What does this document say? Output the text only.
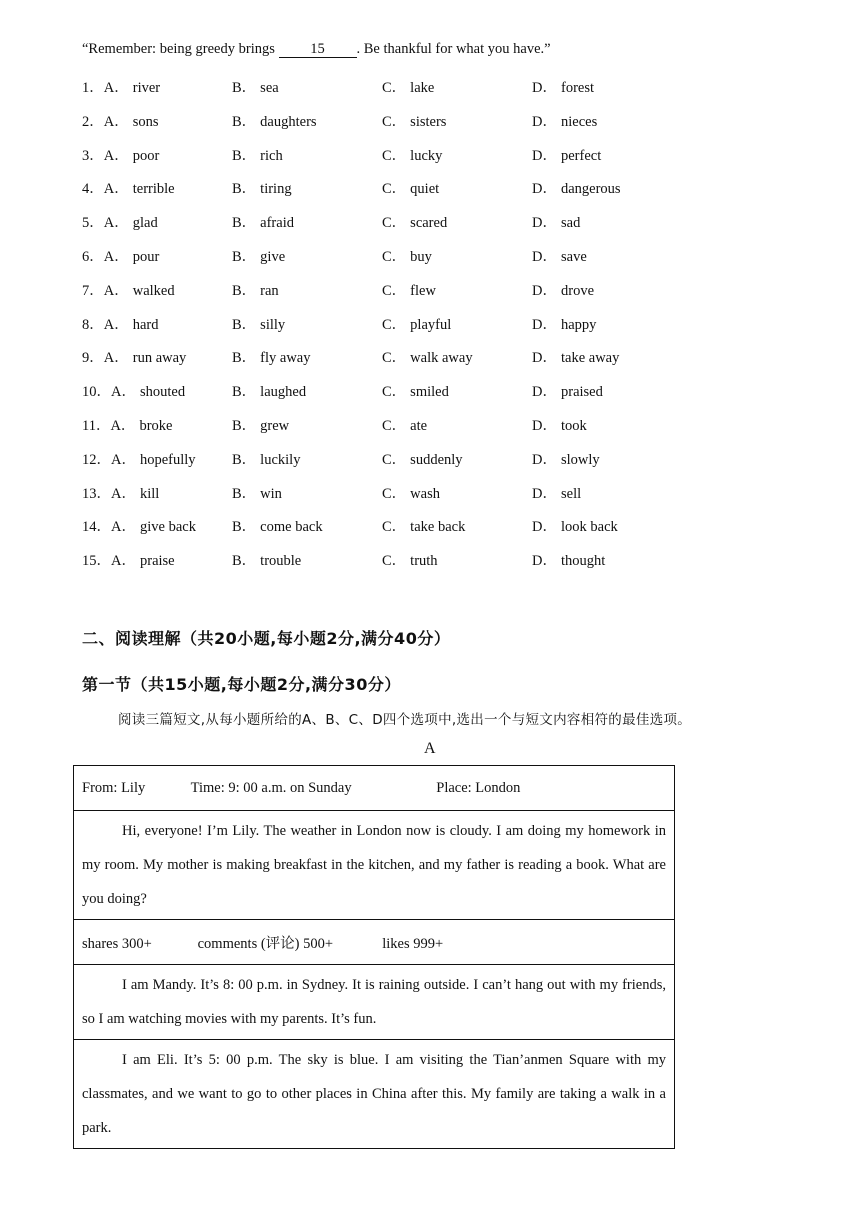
“Remember: being greedy brings 15 . Be thankful for what you have.”
1．A． river	B． sea	C． lake	D． forest
2．A． sons	B． daughters	C． sisters	D． nieces
3．A． poor	B． rich	C． lucky	D． perfect
4．A． terrible	B． tiring	C． quiet	D． dangerous
5．A． glad	B． afraid	C． scared	D． sad
6．A． pour	B． give	C． buy	D． save
7．A． walked	B． ran	C． flew	D． drove
8．A． hard	B． silly	C． playful	D． happy
9．A． run away	B． fly away	C． walk away	D． take away
10．A． shouted	B． laughed	C． smiled	D． praised
11．A． broke	B． grew	C． ate	D． took
12．A． hopefully	B． luckily	C． suddenly	D． slowly
13．A． kill	B． win	C． wash	D． sell
14．A． give back B． come back	C． take back	D． look back
15．A． praise	B． trouble	C． truth	D． thought
二、阅读理解（共20小题,每小题2分,满分40分）
第一节（共15小题,每小题2分,满分30分）
阅读三篇短文,从每小题所给的A、B、C、D四个选项中,选出一个与短文内容相符的最佳选项。
A
From: Lily	Time: 9: 00 a.m. on Sunday	Place: London
Hi, everyone! I’m Lily. The weather in London now is cloudy. I am doing my homework in my room. My mother is making breakfast in the kitchen, and my father is reading a book. What are you doing?
shares 300+	comments (评论) 500+	likes 999+
I am Mandy. It’s 8: 00 p.m. in Sydney. It is raining outside. I can’t hang out with my friends, so I am watching movies with my parents. It’s fun.
I am Eli. It’s 5: 00 p.m. The sky is blue. I am visiting the Tian’anmen Square with my classmates, and we want to go to other places in China after this. My family are taking a walk in a park.
